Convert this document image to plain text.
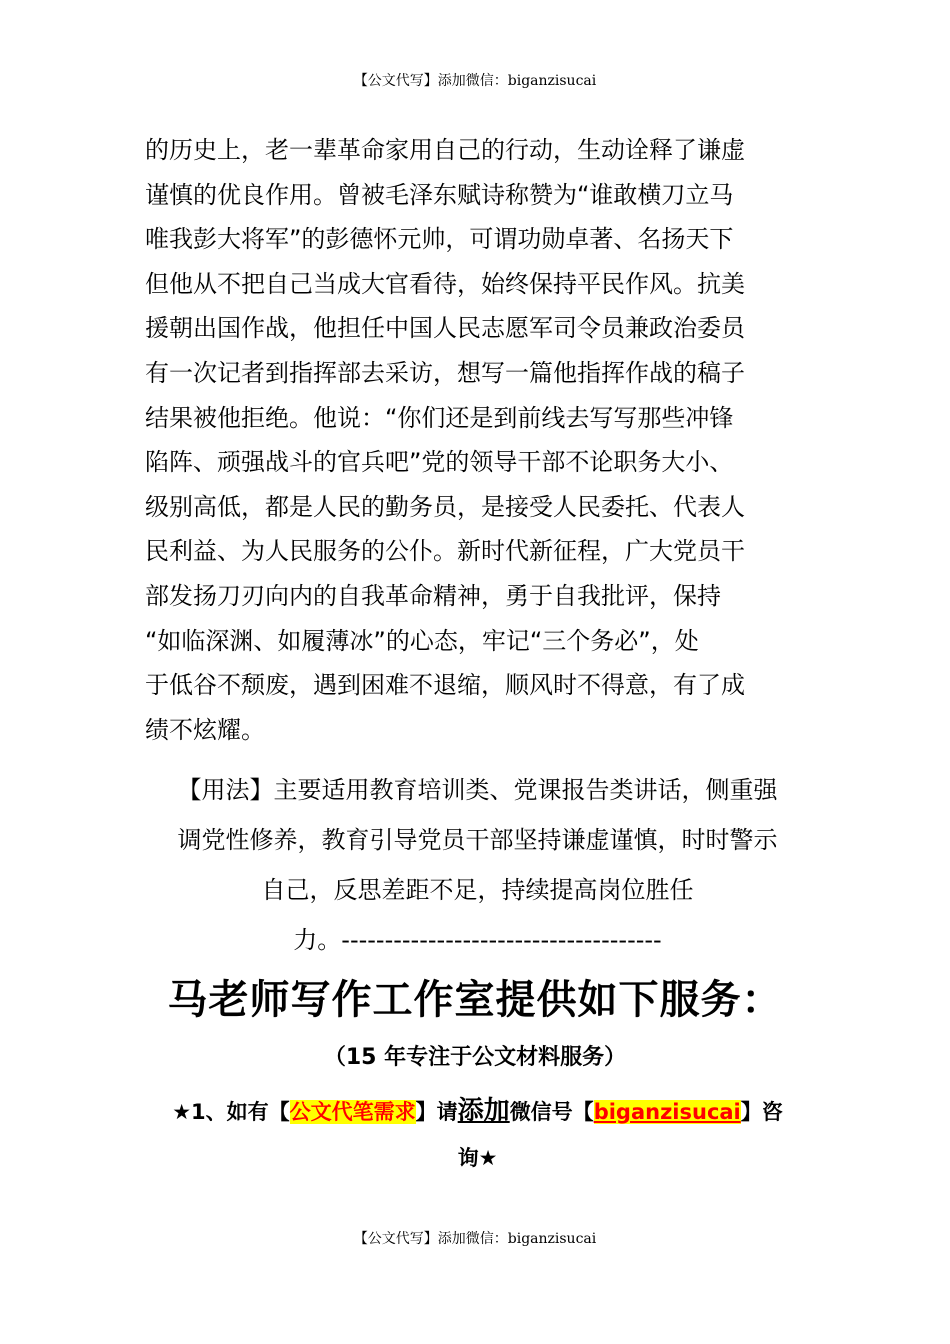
【公文代写】添加微信：biganzisucai
的历史上，老一辈革命家用自己的行动，生动诠释了谦虚
谨慎的优良作用。曾被毛泽东赋诗称赞为“谁敢横刀立马
唯我彭大将军”的彭德怀元帅，可谓功勋卓著、名扬天下
但他从不把自己当成大官看待，始终保持平民作风。抗美
援朝出国作战，他担任中国人民志愿军司令员兼政治委员
有一次记者到指挥部去采访，想写一篇他指挥作战的稿子
结果被他拒绝。他说：“你们还是到前线去写写那些冲锋
陷阵、顽强战斗的官兵吧”党的领导干部不论职务大小、
级别高低，都是人民的勤务员，是接受人民委托、代表人
民利益、为人民服务的公仆。新时代新征程，广大党员干
部发扬刀刃向内的自我革命精神，勇于自我批评，保持
“如临深渊、如履薄冰”的心态，牢记“三个务必”，处
于低谷不颓废，遇到困难不退缩，顺风时不得意，有了成
绩不炫耀。
【用法】主要适用教育培训类、党课报告类讲话，侧重强
调党性修养，教育引导党员干部坚持谦虚谨慎，时时警示
自己，反思差距不足，持续提高岗位胜任
力。-------------------------------------
马老师写作工作室提供如下服务：
（15 年专注于公文材料服务）
★1、如有【公文代笔需求】请添加微信号【biganzisucai】咨
询★
【公文代写】添加微信：biganzisucai
